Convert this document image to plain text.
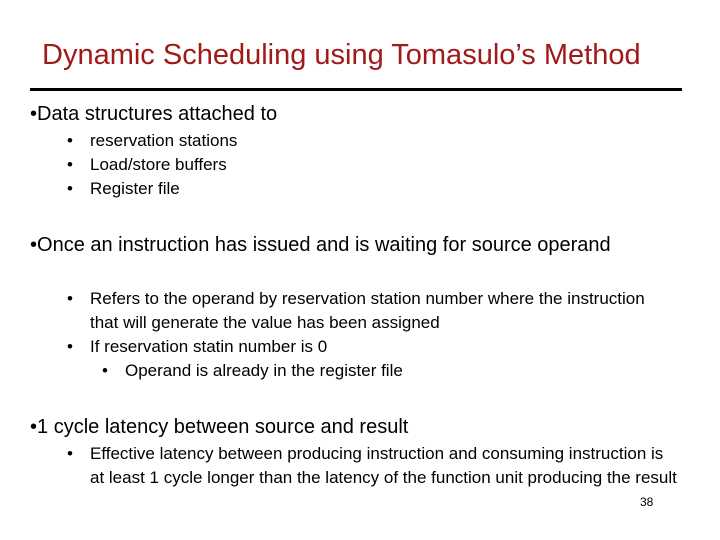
Dynamic Scheduling using Tomasulo’s Method
•Data structures attached to
• reservation stations
• Load/store buffers
• Register file
•Once an instruction has issued and is waiting for source operand
•	Refers to the operand by reservation station number where the instruction that will generate the value has been assigned
• If reservation statin number is 0
• Operand is already in the register file
•1 cycle latency between source and result
•	Effective latency between producing instruction and consuming instruction is at least 1 cycle longer than the latency of the function unit producing the result
38
